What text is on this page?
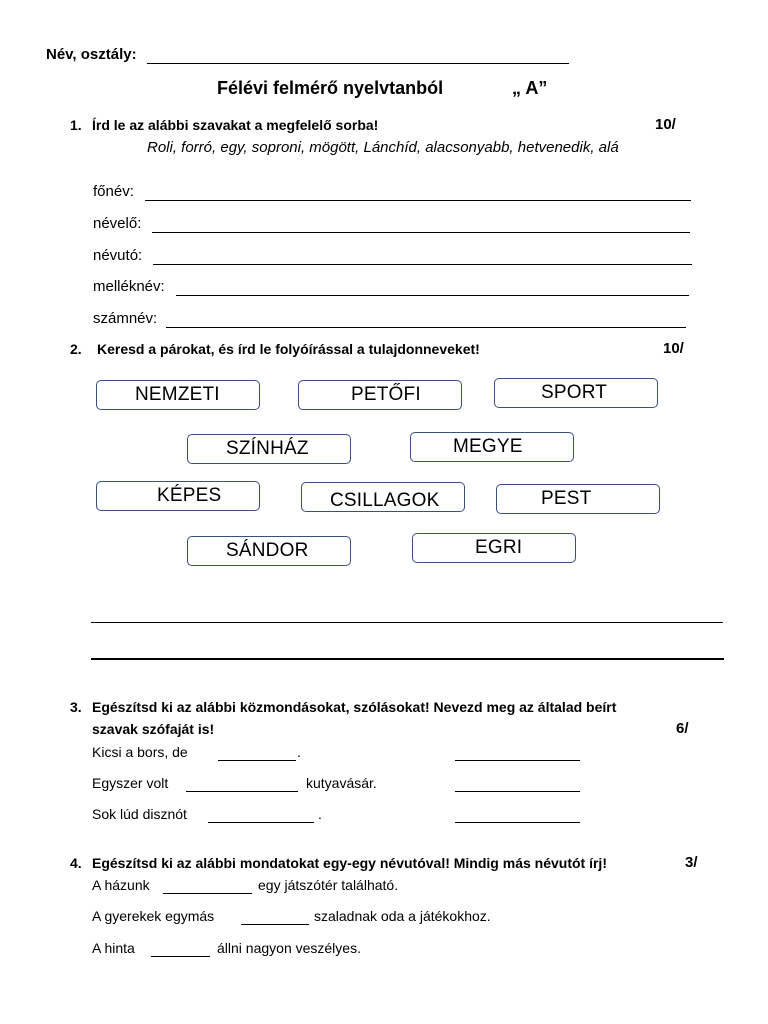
Név, osztály:
Félévi felmérő nyelvtanból	„ A”
1. Írd le az alábbi szavakat a megfelelő sorba!	10/
Roli, forró, egy, soproni, mögött, Lánchíd, alacsonyabb, hetvenedik, alá
főnév:
névelő:
névutó:
melléknév:
számnév:
2. Keresd a párokat, és írd le folyóírással a tulajdonneveket!	10/
NEMZETI	PETŐFI	SPORT
SZÍNHÁZ	MEGYE
KÉPES	CSILLAGOK	PEST
SÁNDOR	EGRI
3. Egészítsd ki az alábbi közmondásokat, szólásokat! Nevezd meg az általad beírt
szavak szófaját is!	6/
Kicsi a bors, de	.
Egyszer volt	kutyavásár.
Sok lúd disznót	.
4. Egészítsd ki az alábbi mondatokat egy-egy névutóval! Mindig más névutót írj!	3/
A házunk	egy játszótér található.
A gyerekek egymás	szaladnak oda a játékokhoz.
A hinta	állni nagyon veszélyes.
